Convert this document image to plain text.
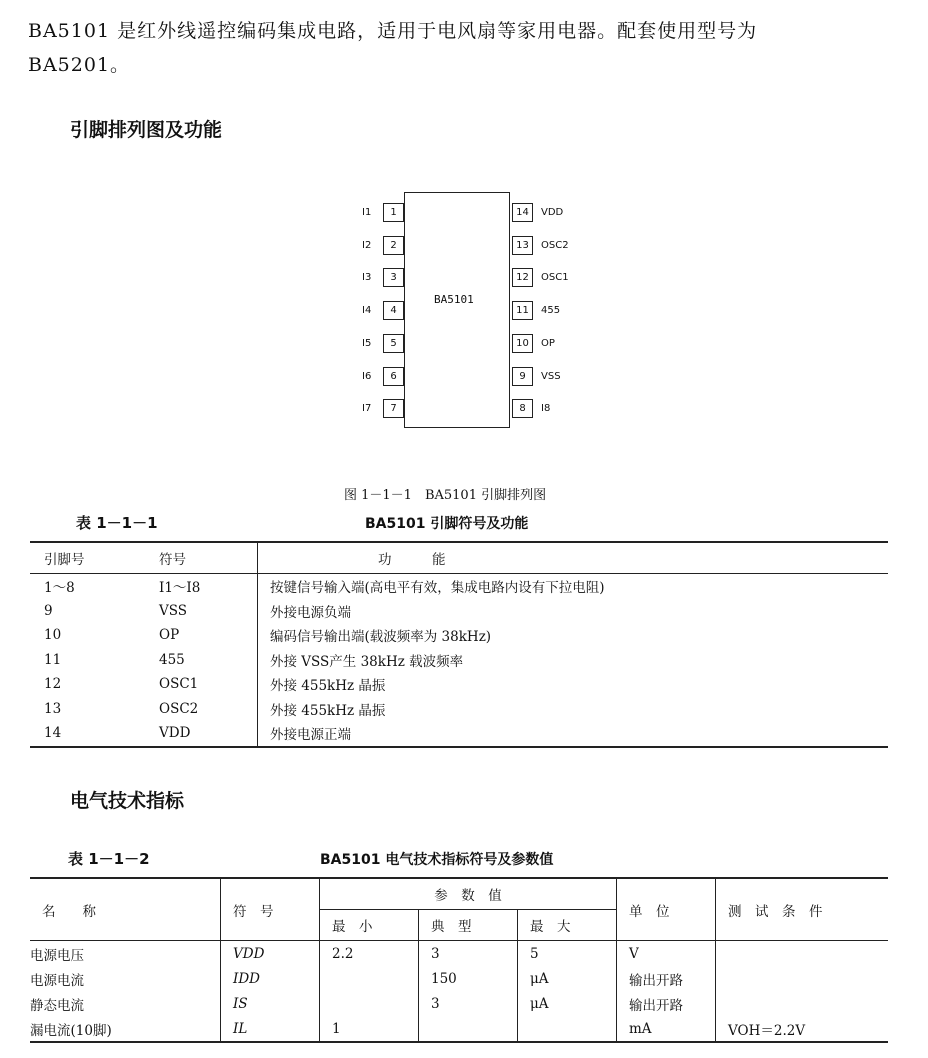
BA5101 是红外线遥控编码集成电路，适用于电风扇等家用电器。配套使用型号为
BA5201。
引脚排列图及功能
BA5101
I1	1
I2	2
I3	3
I4	4
I5	5
I6	6
I7	7
14	VDD
13	OSC2
12	OSC1
11	455
10	OP
9	VSS
8	I8
图 1－1－1　BA5101 引脚排列图
表 1－1－1	BA5101 引脚符号及功能
引脚号	符号	功　　　能
1～8	I1～I8	按键信号输入端(高电平有效，集成电路内设有下拉电阻)
9	VSS	外接电源负端
10	OP	编码信号输出端(载波频率为 38kHz)
11	455	外接 VSS产生 38kHz 载波频率
12	OSC1	外接 455kHz 晶振
13	OSC2	外接 455kHz 晶振
14	VDD	外接电源正端
电气技术指标
表 1－1－2	BA5101 电气技术指标符号及参数值
名　　称	符　号	参　数　值			单　位	测　试　条　件
		最　小	典　型	最　大		
电源电压	VDD	2.2	3	5	V	
电源电流	IDD		150	μA	输出开路	
静态电流	IS		3	μA	输出开路	
漏电流(10脚)	IL	1			mA	VOH＝2.2V
